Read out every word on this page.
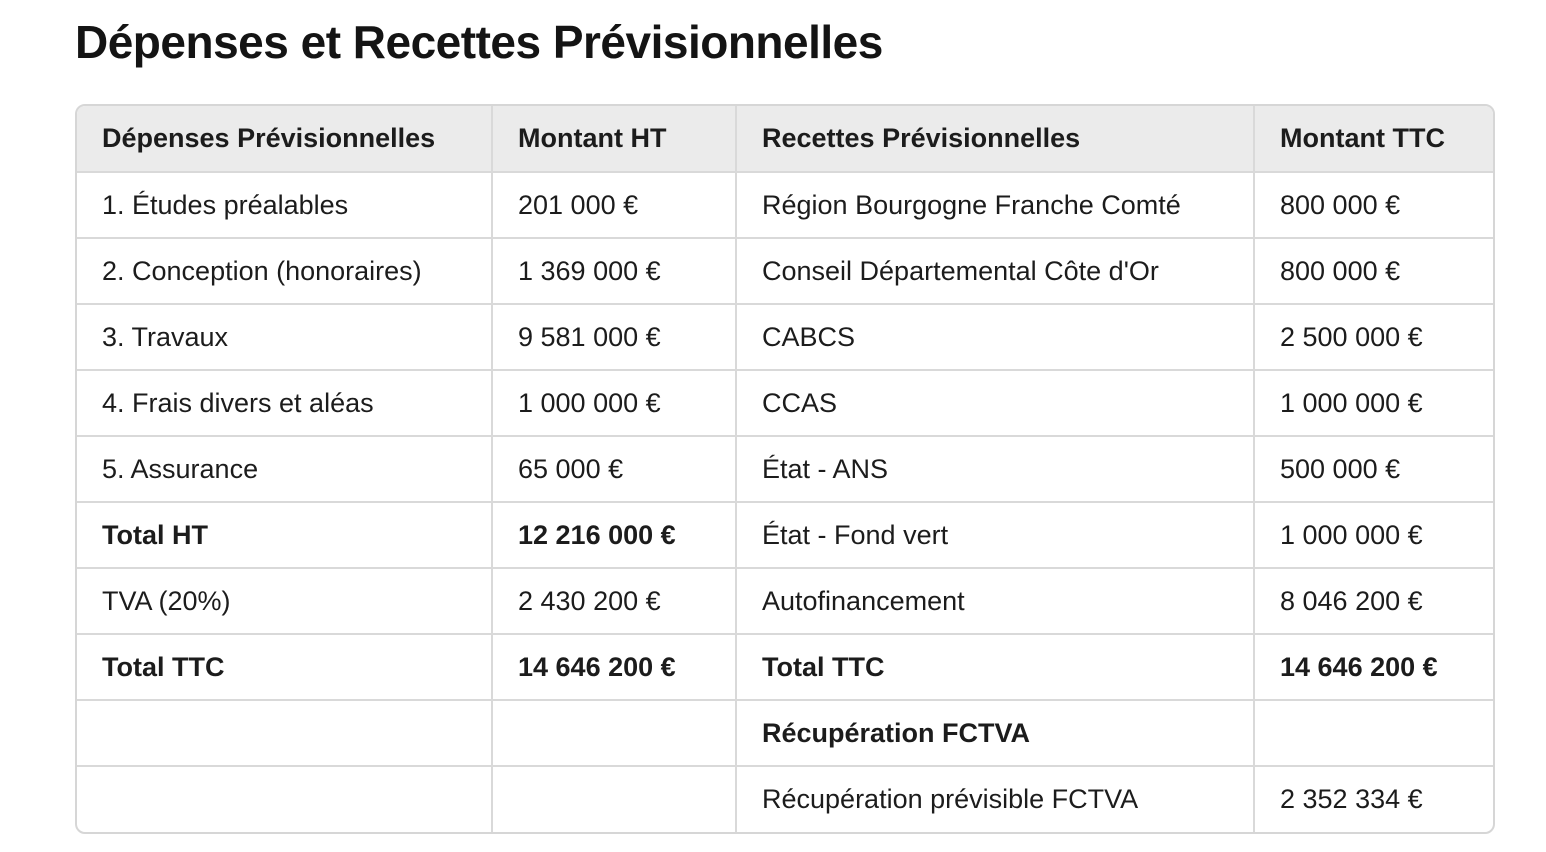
Dépenses et Recettes Prévisionnelles
Dépenses Prévisionnelles	Montant HT	Recettes Prévisionnelles	Montant TTC
1. Études préalables	201 000 €	Région Bourgogne Franche Comté	800 000 €
2. Conception (honoraires)	1 369 000 €	Conseil Départemental Côte d'Or	800 000 €
3. Travaux	9 581 000 €	CABCS	2 500 000 €
4. Frais divers et aléas	1 000 000 €	CCAS	1 000 000 €
5. Assurance	65 000 €	État - ANS	500 000 €
Total HT	12 216 000 €	État - Fond vert	1 000 000 €
TVA (20%)	2 430 200 €	Autofinancement	8 046 200 €
Total TTC	14 646 200 €	Total TTC	14 646 200 €
		Récupération FCTVA	
		Récupération prévisible FCTVA	2 352 334 €
